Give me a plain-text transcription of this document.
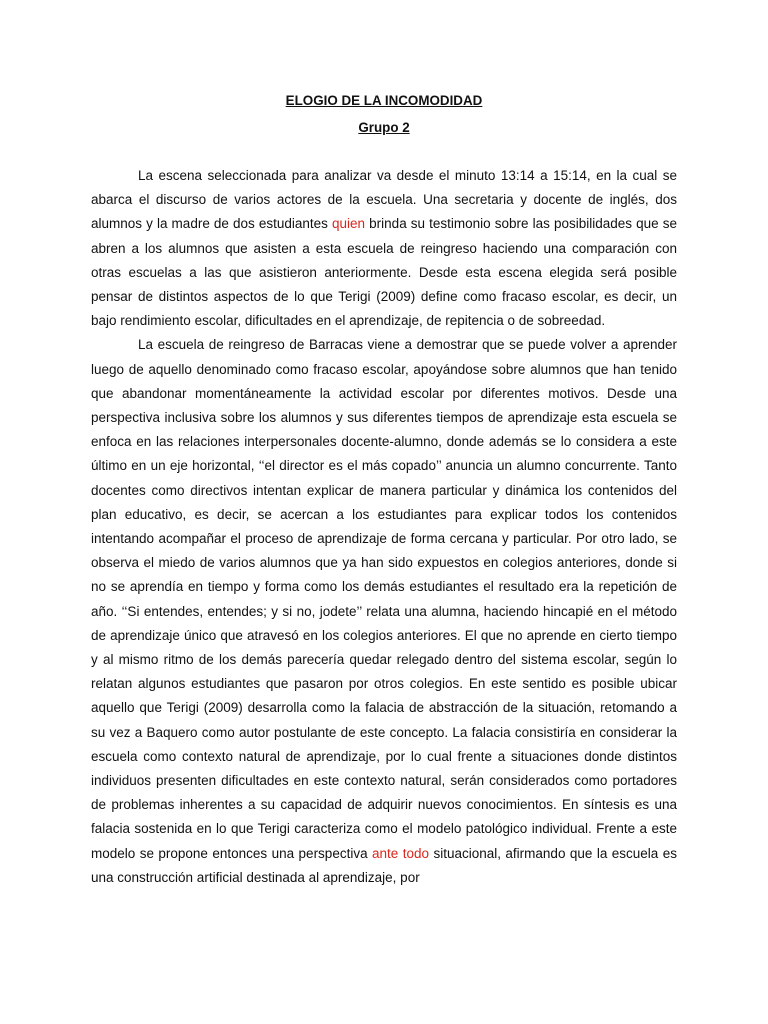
ELOGIO DE LA INCOMODIDAD
Grupo 2

La escena seleccionada para analizar va desde el minuto 13:14 a 15:14, en la cual se abarca el discurso de varios actores de la escuela. Una secretaria y docente de inglés, dos alumnos y la madre de dos estudiantes quien brinda su testimonio sobre las posibilidades que se abren a los alumnos que asisten a esta escuela de reingreso haciendo una comparación con otras escuelas a las que asistieron anteriormente. Desde esta escena elegida será posible pensar de distintos aspectos de lo que Terigi (2009) define como fracaso escolar, es decir, un bajo rendimiento escolar, dificultades en el aprendizaje, de repitencia o de sobreedad.

La escuela de reingreso de Barracas viene a demostrar que se puede volver a aprender luego de aquello denominado como fracaso escolar, apoyándose sobre alumnos que han tenido que abandonar momentáneamente la actividad escolar por diferentes motivos. Desde una perspectiva inclusiva sobre los alumnos y sus diferentes tiempos de aprendizaje esta escuela se enfoca en las relaciones interpersonales docente-alumno, donde además se lo considera a este último en un eje horizontal, ‘‘el director es el más copado’’ anuncia un alumno concurrente. Tanto docentes como directivos intentan explicar de manera particular y dinámica los contenidos del plan educativo, es decir, se acercan a los estudiantes para explicar todos los contenidos intentando acompañar el proceso de aprendizaje de forma cercana y particular. Por otro lado, se observa el miedo de varios alumnos que ya han sido expuestos en colegios anteriores, donde si no se aprendía en tiempo y forma como los demás estudiantes el resultado era la repetición de año. ‘‘Si entendes, entendes; y si no, jodete’’ relata una alumna, haciendo hincapié en el método de aprendizaje único que atravesó en los colegios anteriores. El que no aprende en cierto tiempo y al mismo ritmo de los demás parecería quedar relegado dentro del sistema escolar, según lo relatan algunos estudiantes que pasaron por otros colegios. En este sentido es posible ubicar aquello que Terigi (2009) desarrolla como la falacia de abstracción de la situación, retomando a su vez a Baquero como autor postulante de este concepto. La falacia consistiría en considerar la escuela como contexto natural de aprendizaje, por lo cual frente a situaciones donde distintos individuos presenten dificultades en este contexto natural, serán considerados como portadores de problemas inherentes a su capacidad de adquirir nuevos conocimientos. En síntesis es una falacia sostenida en lo que Terigi caracteriza como el modelo patológico individual. Frente a este modelo se propone entonces una perspectiva ante todo situacional, afirmando que la escuela es una construcción artificial destinada al aprendizaje, por
